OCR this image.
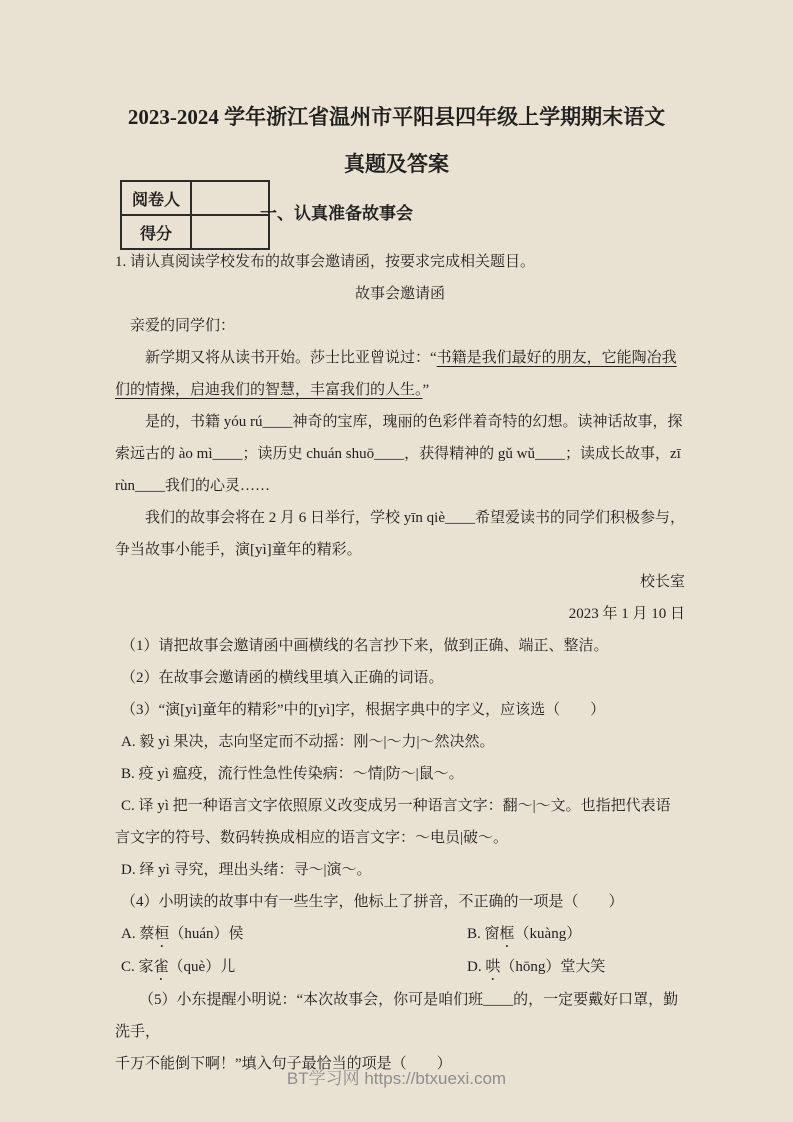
2023-2024 学年浙江省温州市平阳县四年级上学期期末语文
真题及答案
阅卷人	
得分	
一、认真准备故事会

1. 请认真阅读学校发布的故事会邀请函，按要求完成相关题目。

故事会邀请函

亲爱的同学们：

新学期又将从读书开始。莎士比亚曾说过：“书籍是我们最好的朋友，它能陶冶我们的情操，启迪我们的智慧，丰富我们的人生。”

是的，书籍 yóu rú____神奇的宝库，瑰丽的色彩伴着奇特的幻想。读神话故事，探索远古的 ào mì____；读历史 chuán shuō____，获得精神的 gǔ wǔ____；读成长故事，zī rùn____我们的心灵……

我们的故事会将在 2 月 6 日举行，学校 yīn qiè____希望爱读书的同学们积极参与，争当故事小能手，演[yì]童年的精彩。

校长室

2023 年 1 月 10 日

（1）请把故事会邀请函中画横线的名言抄下来，做到正确、端正、整洁。

（2）在故事会邀请函的横线里填入正确的词语。

（3）“演[yì]童年的精彩”中的[yì]字，根据字典中的字义，应该选（　　）

A. 毅 yì 果决，志向坚定而不动摇：刚～|～力|～然决然。

B. 疫 yì 瘟疫，流行性急性传染病：～情|防～|鼠～。

C. 译 yì 把一种语言文字依照原义改变成另一种语言文字：翻～|～文。也指把代表语言文字的符号、数码转换成相应的语言文字：～电员|破～。

D. 绎 yì 寻究，理出头绪：寻～|演～。

（4）小明读的故事中有一些生字，他标上了拼音，不正确的一项是（　　）

A. 蔡桓（huán）侯	B. 窗框（kuàng）

C. 家雀（què）儿	D. 哄（hōng）堂大笑

（5）小东提醒小明说：“本次故事会，你可是咱们班____的，一定要戴好口罩，勤洗手，

千万不能倒下啊！”填入句子最恰当的项是（　　）

BT学习网 https://btxuexi.com
